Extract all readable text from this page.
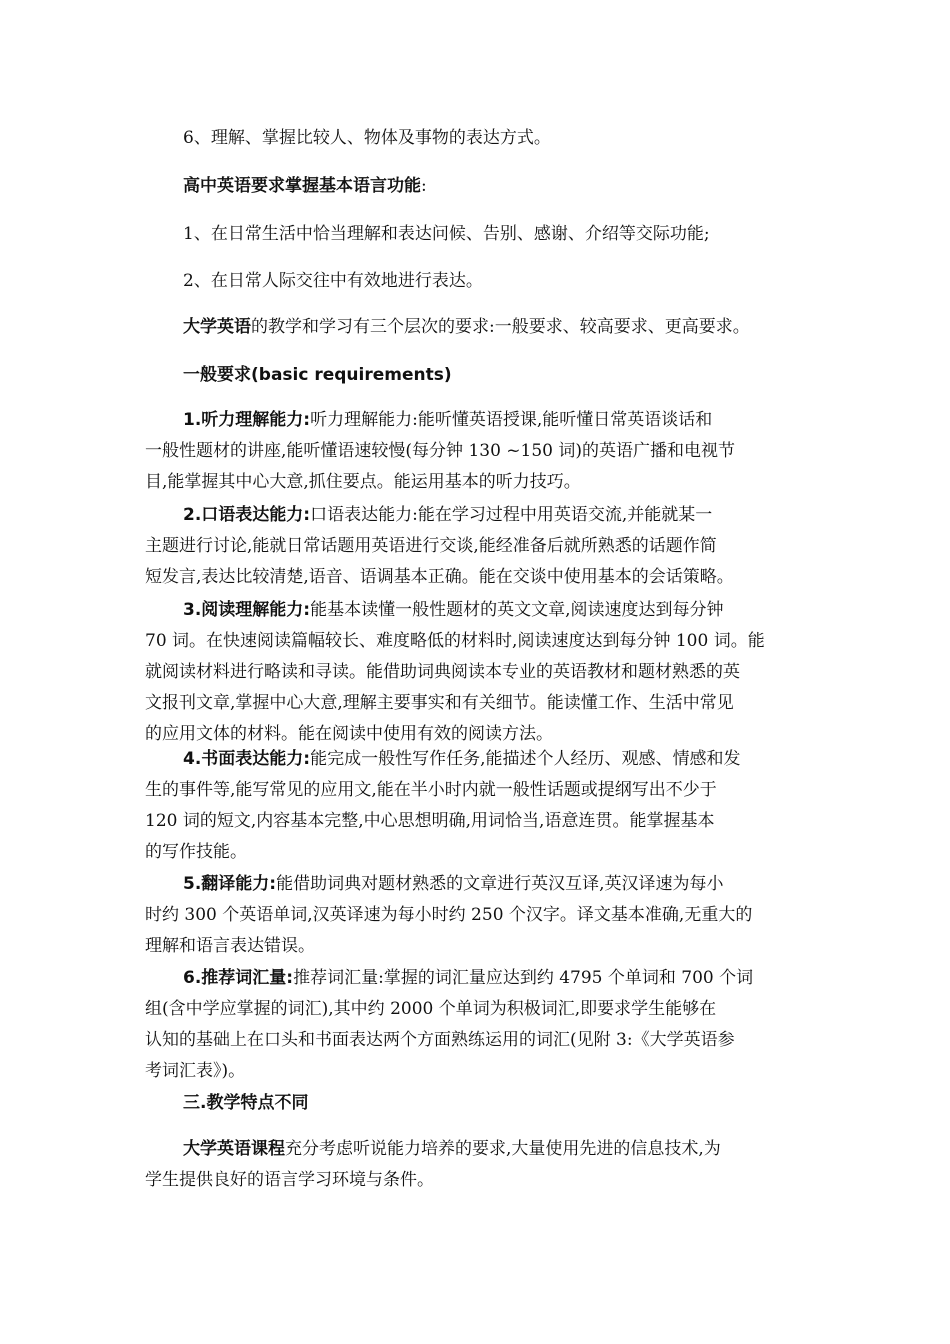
6、理解、掌握比较人、物体及事物的表达方式。

高中英语要求掌握基本语言功能:

1、在日常生活中恰当理解和表达问候、告别、感谢、介绍等交际功能;

2、在日常人际交往中有效地进行表达。

大学英语的教学和学习有三个层次的要求:一般要求、较高要求、更高要求。

一般要求(basic requirements)

1.听力理解能力:听力理解能力:能听懂英语授课,能听懂日常英语谈话和
一般性题材的讲座,能听懂语速较慢(每分钟 130 ~150 词)的英语广播和电视节
目,能掌握其中心大意,抓住要点。能运用基本的听力技巧。
2.口语表达能力:口语表达能力:能在学习过程中用英语交流,并能就某一
主题进行讨论,能就日常话题用英语进行交谈,能经准备后就所熟悉的话题作简
短发言,表达比较清楚,语音、语调基本正确。能在交谈中使用基本的会话策略。
3.阅读理解能力:能基本读懂一般性题材的英文文章,阅读速度达到每分钟
70 词。在快速阅读篇幅较长、难度略低的材料时,阅读速度达到每分钟 100 词。能
就阅读材料进行略读和寻读。能借助词典阅读本专业的英语教材和题材熟悉的英
文报刊文章,掌握中心大意,理解主要事实和有关细节。能读懂工作、生活中常见
的应用文体的材料。能在阅读中使用有效的阅读方法。
4.书面表达能力:能完成一般性写作任务,能描述个人经历、观感、情感和发
生的事件等,能写常见的应用文,能在半小时内就一般性话题或提纲写出不少于
120 词的短文,内容基本完整,中心思想明确,用词恰当,语意连贯。能掌握基本
的写作技能。
5.翻译能力:能借助词典对题材熟悉的文章进行英汉互译,英汉译速为每小
时约 300 个英语单词,汉英译速为每小时约 250 个汉字。译文基本准确,无重大的
理解和语言表达错误。
6.推荐词汇量:推荐词汇量:掌握的词汇量应达到约 4795 个单词和 700 个词
组(含中学应掌握的词汇),其中约 2000 个单词为积极词汇,即要求学生能够在
认知的基础上在口头和书面表达两个方面熟练运用的词汇(见附 3:《大学英语参
考词汇表》)。

三.教学特点不同

大学英语课程充分考虑听说能力培养的要求,大量使用先进的信息技术,为
学生提供良好的语言学习环境与条件。
